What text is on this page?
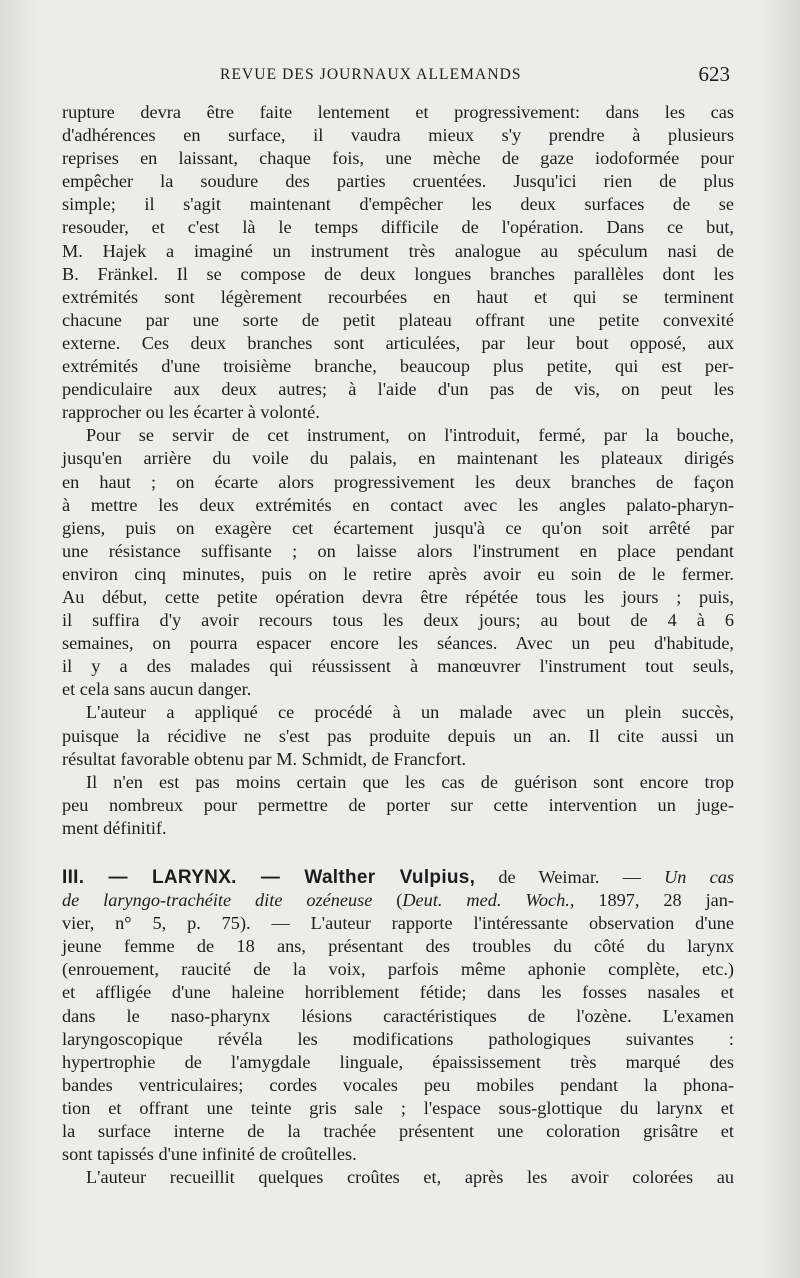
REVUE DES JOURNAUX ALLEMANDS	623
rupture devra être faite lentement et progressivement: dans les cas
d'adhérences en surface, il vaudra mieux s'y prendre à plusieurs
reprises en laissant, chaque fois, une mèche de gaze iodoformée pour
empêcher la soudure des parties cruentées. Jusqu'ici rien de plus
simple; il s'agit maintenant d'empêcher les deux surfaces de se
resouder, et c'est là le temps difficile de l'opération. Dans ce but,
M. Hajek a imaginé un instrument très analogue au spéculum nasi de
B. Fränkel. Il se compose de deux longues branches parallèles dont les
extrémités sont légèrement recourbées en haut et qui se terminent
chacune par une sorte de petit plateau offrant une petite convexité
externe. Ces deux branches sont articulées, par leur bout opposé, aux
extrémités d'une troisième branche, beaucoup plus petite, qui est per-
pendiculaire aux deux autres; à l'aide d'un pas de vis, on peut les
rapprocher ou les écarter à volonté.
Pour se servir de cet instrument, on l'introduit, fermé, par la bouche,
jusqu'en arrière du voile du palais, en maintenant les plateaux dirigés
en haut ; on écarte alors progressivement les deux branches de façon
à mettre les deux extrémités en contact avec les angles palato-pharyn-
giens, puis on exagère cet écartement jusqu'à ce qu'on soit arrêté par
une résistance suffisante ; on laisse alors l'instrument en place pendant
environ cinq minutes, puis on le retire après avoir eu soin de le fermer.
Au début, cette petite opération devra être répétée tous les jours ; puis,
il suffira d'y avoir recours tous les deux jours; au bout de 4 à 6
semaines, on pourra espacer encore les séances. Avec un peu d'habitude,
il y a des malades qui réussissent à manœuvrer l'instrument tout seuls,
et cela sans aucun danger.
L'auteur a appliqué ce procédé à un malade avec un plein succès,
puisque la récidive ne s'est pas produite depuis un an. Il cite aussi un
résultat favorable obtenu par M. Schmidt, de Francfort.
Il n'en est pas moins certain que les cas de guérison sont encore trop
peu nombreux pour permettre de porter sur cette intervention un juge-
ment définitif.
III. — LARYNX. — Walther Vulpius, de Weimar. — Un cas
de laryngo-trachéite dite ozéneuse (Deut. med. Woch., 1897, 28 jan-
vier, n° 5, p. 75). — L'auteur rapporte l'intéressante observation d'une
jeune femme de 18 ans, présentant des troubles du côté du larynx
(enrouement, raucité de la voix, parfois même aphonie complète, etc.)
et affligée d'une haleine horriblement fétide; dans les fosses nasales et
dans le naso-pharynx lésions caractéristiques de l'ozène. L'examen
laryngoscopique révéla les modifications pathologiques suivantes :
hypertrophie de l'amygdale linguale, épaississement très marqué des
bandes ventriculaires; cordes vocales peu mobiles pendant la phona-
tion et offrant une teinte gris sale ; l'espace sous-glottique du larynx et
la surface interne de la trachée présentent une coloration grisâtre et
sont tapissés d'une infinité de croûtelles.
L'auteur recueillit quelques croûtes et, après les avoir colorées au
